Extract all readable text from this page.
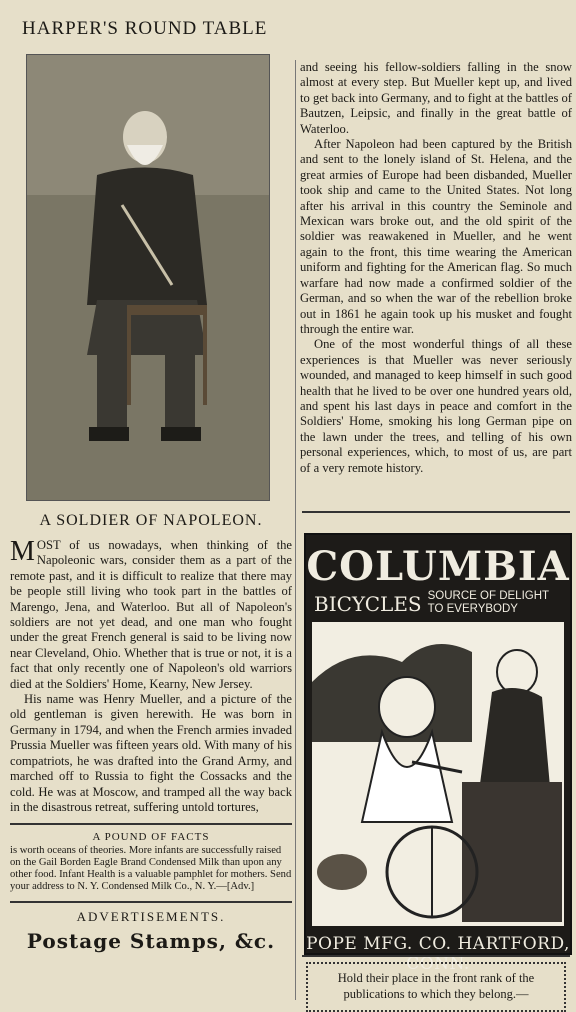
HARPER'S ROUND TABLE
A SOLDIER OF NAPOLEON.

MOST of us nowadays, when thinking of the Napoleonic wars, consider them as a part of the remote past, and it is difficult to realize that there may be people still living who took part in the battles of Marengo, Jena, and Waterloo. But all of Napoleon's soldiers are not yet dead, and one man who fought under the great French general is said to be living now near Cleveland, Ohio. Whether that is true or not, it is a fact that only recently one of Napoleon's old warriors died at the Soldiers' Home, Kearny, New Jersey.

His name was Henry Mueller, and a picture of the old gentleman is given herewith. He was born in Germany in 1794, and when the French armies invaded Prussia Mueller was fifteen years old. With many of his compatriots, he was drafted into the Grand Army, and marched off to Russia to fight the Cossacks and the cold. He was at Moscow, and tramped all the way back in the disastrous retreat, suffering untold tortures,

A POUND OF FACTS

is worth oceans of theories. More infants are successfully raised on the Gail Borden Eagle Brand Condensed Milk than upon any other food. Infant Health is a valuable pamphlet for mothers. Send your address to N. Y. Condensed Milk Co., N. Y.—[Adv.]

ADVERTISEMENTS.
Postage Stamps, &c.

and seeing his fellow-soldiers falling in the snow almost at every step. But Mueller kept up, and lived to get back into Germany, and to fight at the battles of Bautzen, Leipsic, and finally in the great battle of Waterloo.

After Napoleon had been captured by the British and sent to the lonely island of St. Helena, and the great armies of Europe had been disbanded, Mueller took ship and came to the United States. Not long after his arrival in this country the Seminole and Mexican wars broke out, and the old spirit of the soldier was reawakened in Mueller, and he went again to the front, this time wearing the American uniform and fighting for the American flag. So much warfare had now made a confirmed soldier of the German, and so when the war of the rebellion broke out in 1861 he again took up his musket and fought through the entire war.

One of the most wonderful things of all these experiences is that Mueller was never seriously wounded, and managed to keep himself in such good health that he lived to be over one hundred years old, and spent his last days in peace and comfort in the Soldiers' Home, smoking his long German pipe on the lawn under the trees, and telling of his own personal experiences, which, to most of us, are part of a very remote history.

COLUMBIA
BICYCLES SOURCE OF DELIGHT TO EVERYBODY
POPE MFG. CO. HARTFORD, CONN.
Hold their place in the front rank of the publications to which they belong.—
